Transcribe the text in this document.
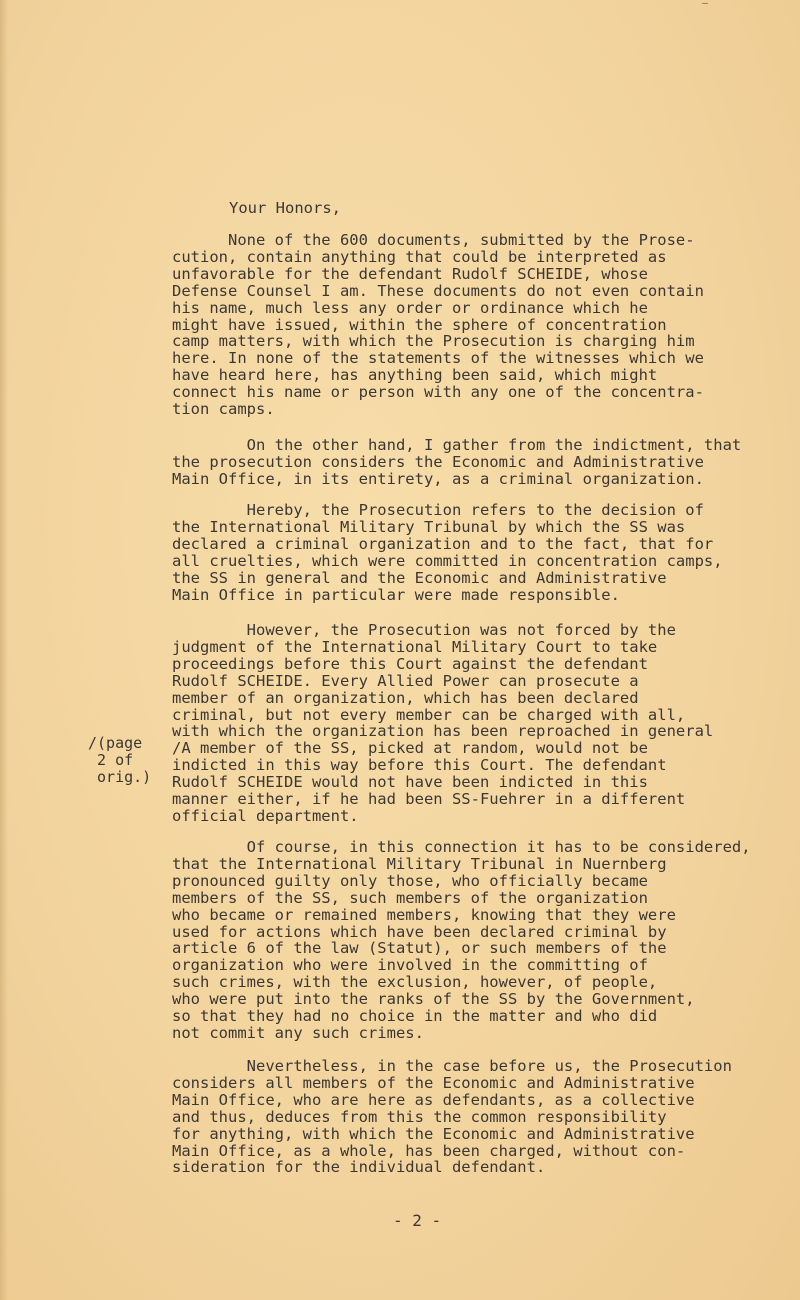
‒
Your Honors,
None of the 600 documents, submitted by the Prose-
cution, contain anything that could be interpreted as
unfavorable for the defendant Rudolf SCHEIDE, whose
Defense Counsel I am. These documents do not even contain
his name, much less any order or ordinance which he
might have issued, within the sphere of concentration
camp matters, with which the Prosecution is charging him
here. In none of the statements of the witnesses which we
have heard here, has anything been said, which might
connect his name or person with any one of the concentra-
tion camps.
On the other hand, I gather from the indictment, that
the prosecution considers the Economic and Administrative
Main Office, in its entirety, as a criminal organization.
Hereby, the Prosecution refers to the decision of
the International Military Tribunal by which the SS was
declared a criminal organization and to the fact, that for
all cruelties, which were committed in concentration camps,
the SS in general and the Economic and Administrative
Main Office in particular were made responsible.
However, the Prosecution was not forced by the
judgment of the International Military Court to take
proceedings before this Court against the defendant
Rudolf SCHEIDE. Every Allied Power can prosecute a
member of an organization, which has been declared
criminal, but not every member can be charged with all,
with which the organization has been reproached in general
/A member of the SS, picked at random, would not be
indicted in this way before this Court. The defendant
Rudolf SCHEIDE would not have been indicted in this
manner either, if he had been SS-Fuehrer in a different
official department.
Of course, in this connection it has to be considered,
that the International Military Tribunal in Nuernberg
pronounced guilty only those, who officially became
members of the SS, such members of the organization
who became or remained members, knowing that they were
used for actions which have been declared criminal by
article 6 of the law (Statut), or such members of the
organization who were involved in the committing of
such crimes, with the exclusion, however, of people,
who were put into the ranks of the SS by the Government,
so that they had no choice in the matter and who did
not commit any such crimes.
Nevertheless, in the case before us, the Prosecution
considers all members of the Economic and Administrative
Main Office, who are here as defendants, as a collective
and thus, deduces from this the common responsibility
for anything, with which the Economic and Administrative
Main Office, as a whole, has been charged, without con-
sideration for the individual defendant.
/(page
2 of
orig.)
- 2 -
